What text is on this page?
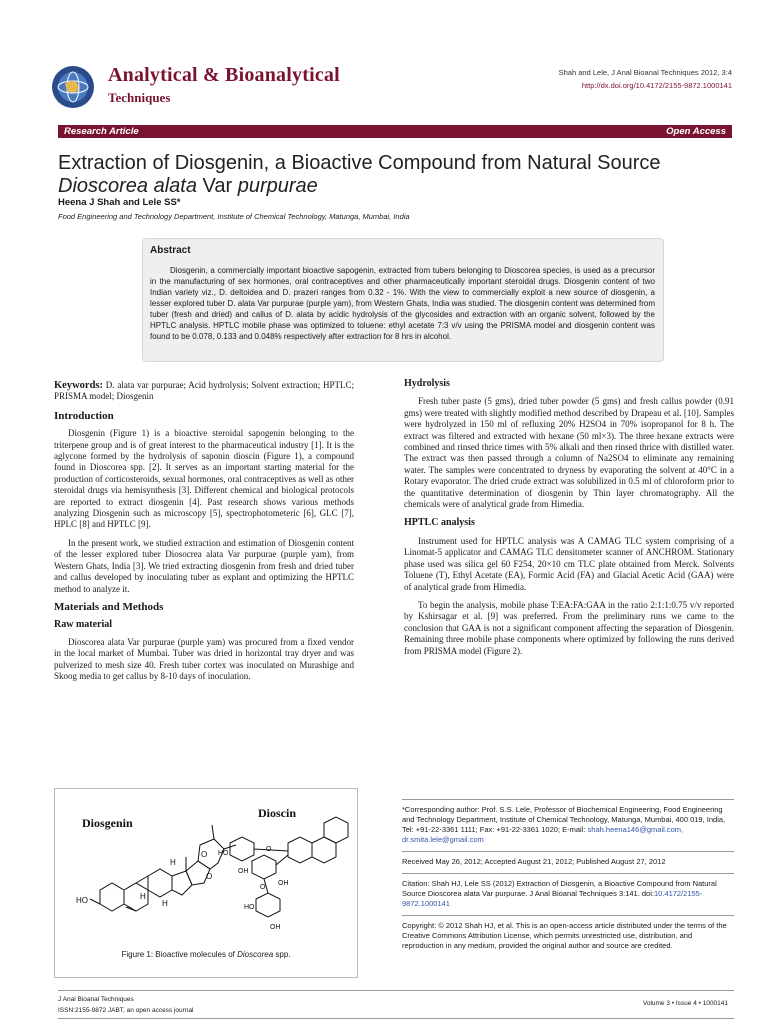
Analytical & Bioanalytical
Techniques
Shah and Lele, J Anal Bioanal Techniques 2012, 3:4
http://dx.doi.org/10.4172/2155-9872.1000141
Research Article	Open Access
Extraction of Diosgenin, a Bioactive Compound from Natural Source Dioscorea alata Var purpurae
Heena J Shah and Lele SS*
Food Engineering and Technology Department, Institute of Chemical Technology, Matunga, Mumbai, India
Abstract
Diosgenin, a commercially important bioactive sapogenin, extracted from tubers belonging to Dioscorea species, is used as a precursor in the manufacturing of sex hormones, oral contraceptives and other pharmaceutically important steroidal drugs. Diosgenin content of two Indian variety viz., D. deltoidea and D. prazeri ranges from 0.32 - 1%. With the view to commercially exploit a new source of diosgenin, a lesser explored tuber D. alata Var purpurae (purple yam), from Western Ghats, India was studied. The diosgenin content was determined from tuber (fresh and dried) and callus of D. alata by acidic hydrolysis of the glycosides and extraction with an organic solvent, followed by the HPTLC analysis. HPTLC mobile phase was optimized to toluene: ethyl acetate 7:3 v/v using the PRISMA model and diosgenin content was found to be 0.078, 0.133 and 0.048% respectively after extraction for 8 hrs in alcohol.

Keywords: D. alata var purpurae; Acid hydrolysis; Solvent extraction; HPTLC; PRISMA model; Diosgenin

Introduction

Diosgenin (Figure 1) is a bioactive steroidal sapogenin belonging to the triterpene group and is of great interest to the pharmaceutical industry [1]. It is the aglycone formed by the hydrolysis of saponin dioscin (Figure 1), a compound found in Dioscorea spp. [2]. It serves as an important starting material for the production of corticosteroids, sexual hormones, oral contraceptives as well as other steroidal drugs via hemisynthesis [3]. Different chemical and biological protocols are reported to extract diosgenin [4]. Past research shows various methods analyzing Diosgenin such as microscopy [5], spectrophotometeric [6], GLC [7], HPLC [8] and HPTLC [9].

In the present work, we studied extraction and estimation of Diosgenin content of the lesser explored tuber Diosocrea alata Var purpurae (purple yam), from Western Ghats, India [3]. We tried extracting diosgenin from fresh and dried tuber and callus developed by inoculating tuber as explant and optimizing the HPTLC method to analyze it.

Materials and Methods
Raw material

Dioscorea alata Var purpurae (purple yam) was procured from a fixed vendor in the local market of Mumbai. Tuber was dried in horizontal tray dryer and was pulverized to mesh size 40. Fresh tuber cortex was inoculated on Murashige and Skoog media to get callus by 8-10 days of inoculation.

Diosgenin
Dioscin
H
H
H
O
O
HO
O
O
HO
OH
OH
HO
OH
Figure 1: Bioactive molecules of Dioscorea spp.
Hydrolysis

Fresh tuber paste (5 gms), dried tuber powder (5 gms) and fresh callus powder (0.91 gms) were treated with slightly modified method described by Drapeau et al. [10]. Samples were hydrolyzed in 150 ml of refluxing 20% H2SO4 in 70% isopropanol for 8 h. The extract was filtered and extracted with hexane (50 ml×3). The three hexane extracts were combined and rinsed thrice times with 5% alkali and then rinsed thrice with distilled water. The extract was then passed through a column of Na2SO4 to eliminate any remaining water. The samples were concentrated to dryness by evaporating the solvent at 40°C in a Rotary evaporator. The dried crude extract was solubilized in 0.5 ml of chloroform prior to the quantitative determination of diosgenin by Thin layer chromatography. All the chemicals were of analytical grade from Himedia.

HPTLC analysis

Instrument used for HPTLC analysis was A CAMAG TLC system comprising of a Linomat-5 applicator and CAMAG TLC densitometer scanner of ANCHROM. Stationary phase used was silica gel 60 F254, 20×10 cm TLC plate obtained from Merck. Solvents Toluene (T), Ethyl Acetate (EA), Formic Acid (FA) and Glacial Acetic Acid (GAA) were of analytical grade from Himedia.

To begin the analysis, mobile phase T:EA:FA:GAA in the ratio 2:1:1:0.75 v/v reported by Kshirsagar et al. [9] was preferred. From the preliminary runs we came to the conclusion that GAA is not a significant component affecting the separation of Diosgenin. Remaining three mobile phase components where optimized by following the runs derived from PRISMA model (Figure 2).

*Corresponding author: Prof. S.S. Lele, Professor of Biochemical Engineering, Food Engineering and Technology Department, Institute of Chemical Technology, Matunga, Mumbai, 400 019, India, Tel: +91-22-3361 1111; Fax: +91-22-3361 1020; E-mail: shah.heena146@gmail.com, dr.smita.lele@gmail.com
Received May 26, 2012; Accepted August 21, 2012; Published August 27, 2012
Citation: Shah HJ, Lele SS (2012) Extraction of Diosgenin, a Bioactive Compound from Natural Source Dioscorea alata Var purpurae. J Anal Bioanal Techniques 3:141. doi:10.4172/2155-9872.1000141
Copyright: © 2012 Shah HJ, et al. This is an open-access article distributed under the terms of the Creative Commons Attribution License, which permits unrestricted use, distribution, and reproduction in any medium, provided the original author and source are credited.
J Anal Bioanal Techniques
ISSN:2155-9872 JABT, an open access journal
Volume 3 • Issue 4 • 1000141
